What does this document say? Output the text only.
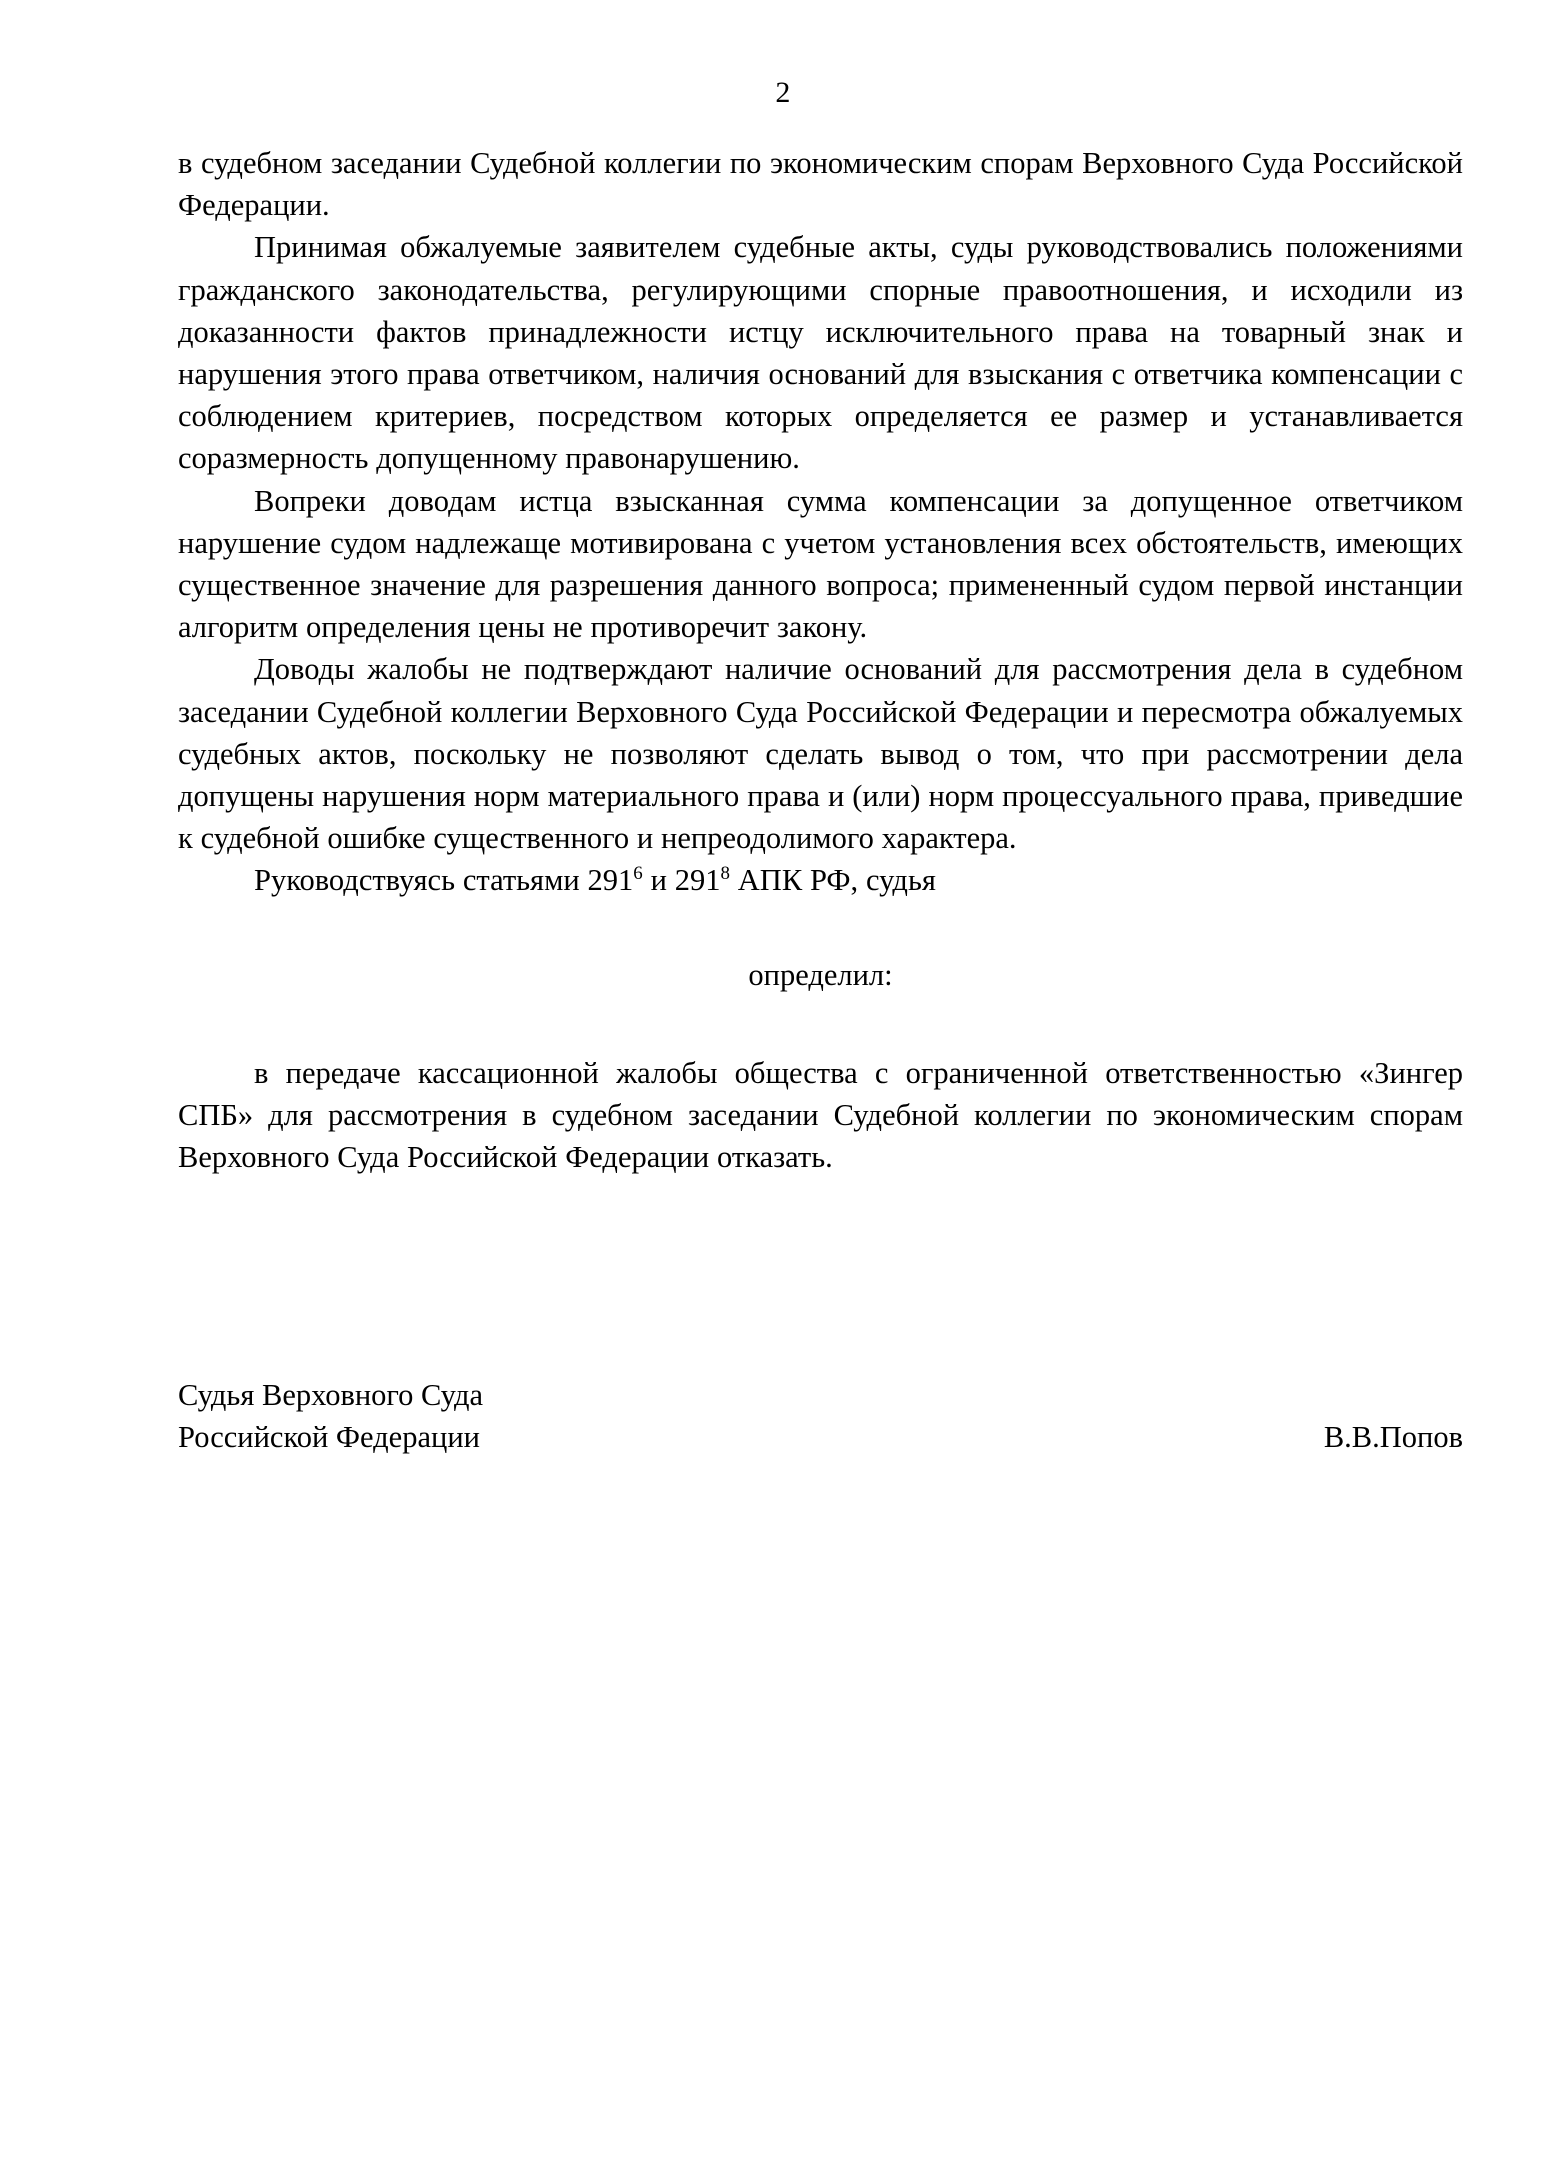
2

в судебном заседании Судебной коллегии по экономическим спорам Верховного Суда Российской Федерации.

Принимая обжалуемые заявителем судебные акты, суды руководствовались положениями гражданского законодательства, регулирующими спорные правоотношения, и исходили из доказанности фактов принадлежности истцу исключительного права на товарный знак и нарушения этого права ответчиком, наличия оснований для взыскания с ответчика компенсации с соблюдением критериев, посредством которых определяется ее размер и устанавливается соразмерность допущенному правонарушению.

Вопреки доводам истца взысканная сумма компенсации за допущенное ответчиком нарушение судом надлежаще мотивирована с учетом установления всех обстоятельств, имеющих существенное значение для разрешения данного вопроса; примененный судом первой инстанции алгоритм определения цены не противоречит закону.

Доводы жалобы не подтверждают наличие оснований для рассмотрения дела в судебном заседании Судебной коллегии Верховного Суда Российской Федерации и пересмотра обжалуемых судебных актов, поскольку не позволяют сделать вывод о том, что при рассмотрении дела допущены нарушения норм материального права и (или) норм процессуального права, приведшие к судебной ошибке существенного и непреодолимого характера.

Руководствуясь статьями $291^6$ и $291^8$ АПК РФ, судья

определил:

в передаче кассационной жалобы общества с ограниченной ответственностью «Зингер СПБ» для рассмотрения в судебном заседании Судебной коллегии по экономическим спорам Верховного Суда Российской Федерации отказать.

Судья Верховного Суда
Российской Федерации	В.В.Попов
